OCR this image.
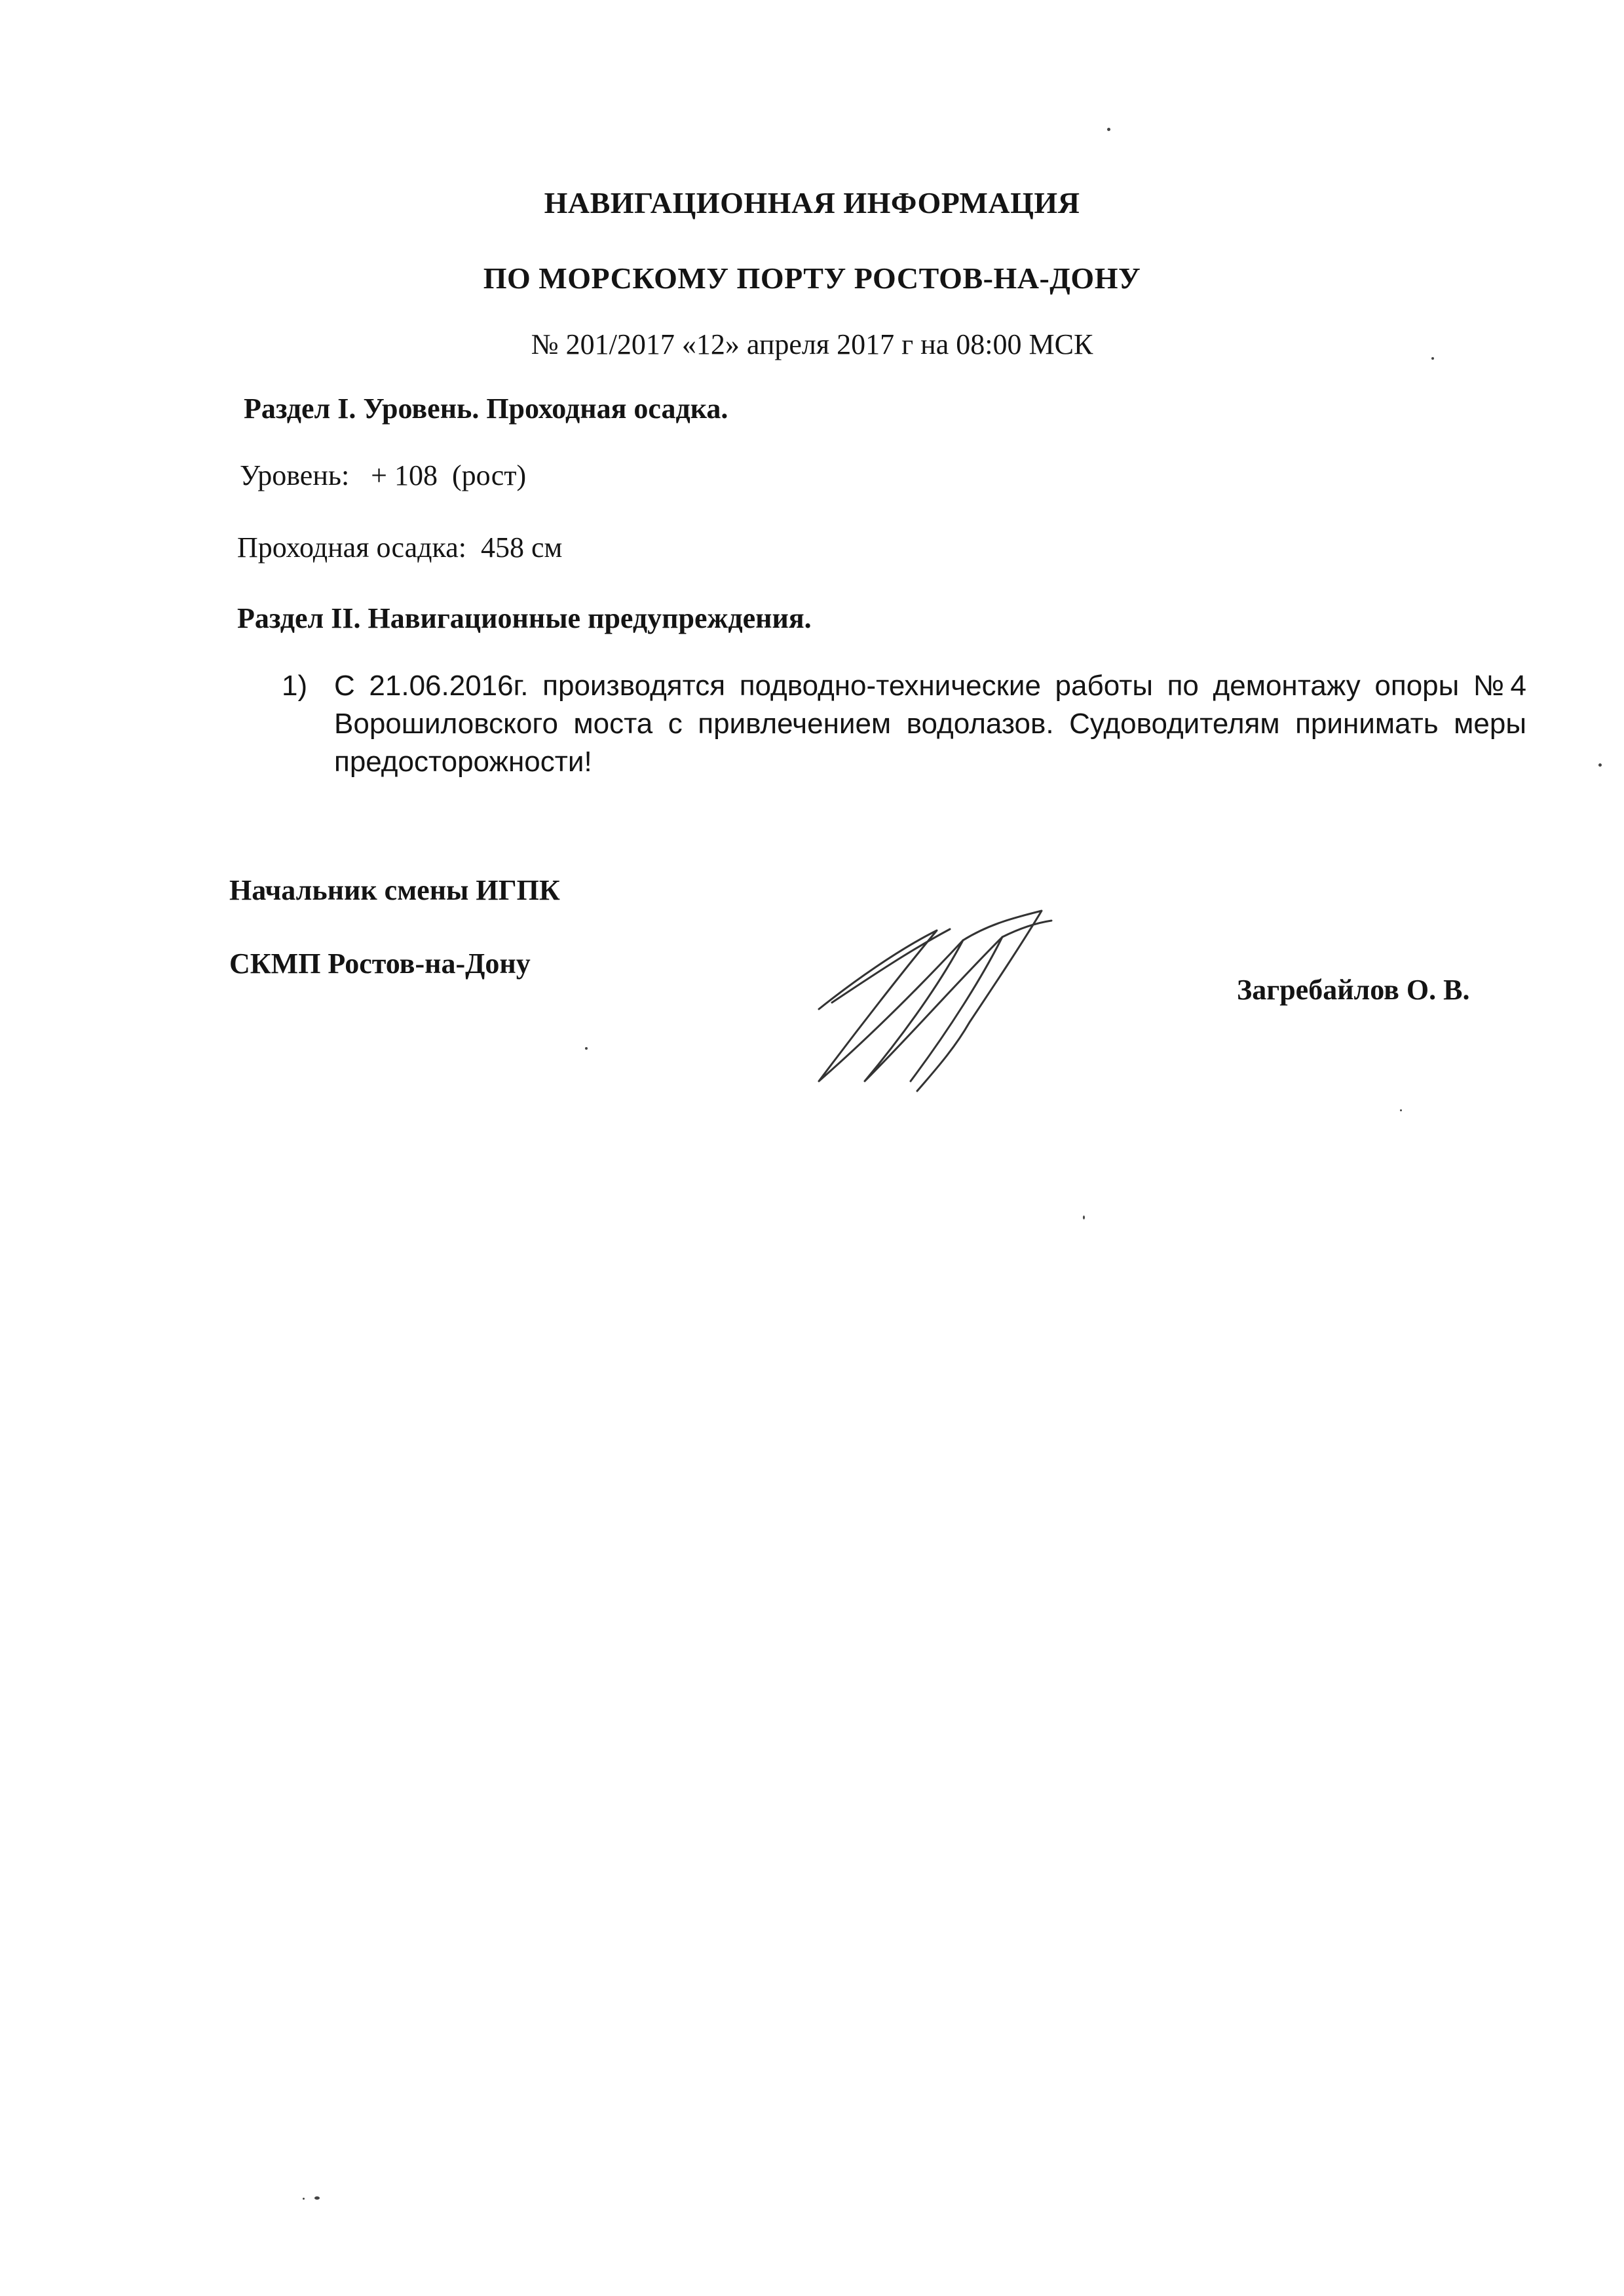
НАВИГАЦИОННАЯ ИНФОРМАЦИЯ
ПО МОРСКОМУ ПОРТУ РОСТОВ-НА-ДОНУ
№ 201/2017 «12» апреля 2017 г на 08:00 МСК
Раздел I. Уровень. Проходная осадка.
Уровень:   + 108  (рост)
Проходная осадка:  458 см
Раздел II. Навигационные предупреждения.
1) С 21.06.2016г. производятся подводно-технические работы по демонтажу опоры №4 Ворошиловского моста с привлечением водолазов. Судоводителям принимать меры предосторожности!
Начальник смены ИГПК
СКМП Ростов-на-Дону
Загребайлов О. В.
